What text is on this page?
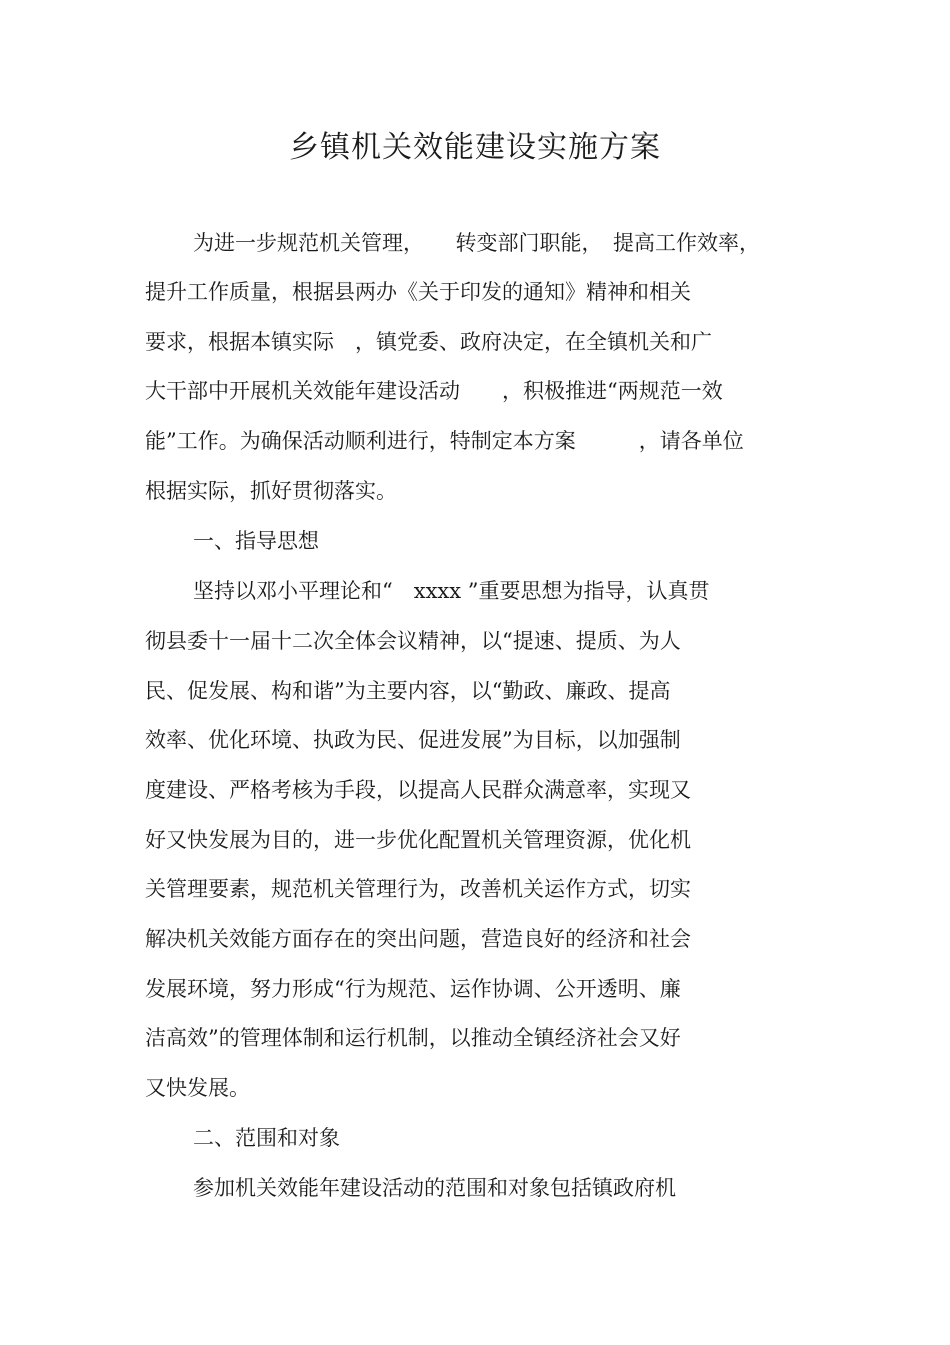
乡镇机关效能建设实施方案
为进一步规范机关管理，　　转变部门职能，　提高工作效率，
提升工作质量，根据县两办《关于印发的通知》精神和相关
要求，根据本镇实际　，镇党委、政府决定，在全镇机关和广
大干部中开展机关效能年建设活动　　，积极推进“两规范一效
能”工作。为确保活动顺利进行，特制定本方案　　　，请各单位
根据实际，抓好贯彻落实。
一、指导思想
坚持以邓小平理论和“　xxxx ”重要思想为指导，认真贯
彻县委十一届十二次全体会议精神，以“提速、提质、为人
民、促发展、构和谐”为主要内容，以“勤政、廉政、提高
效率、优化环境、执政为民、促进发展”为目标，以加强制
度建设、严格考核为手段，以提高人民群众满意率，实现又
好又快发展为目的，进一步优化配置机关管理资源，优化机
关管理要素，规范机关管理行为，改善机关运作方式，切实
解决机关效能方面存在的突出问题，营造良好的经济和社会
发展环境，努力形成“行为规范、运作协调、公开透明、廉
洁高效”的管理体制和运行机制，以推动全镇经济社会又好
又快发展。
二、范围和对象
参加机关效能年建设活动的范围和对象包括镇政府机
